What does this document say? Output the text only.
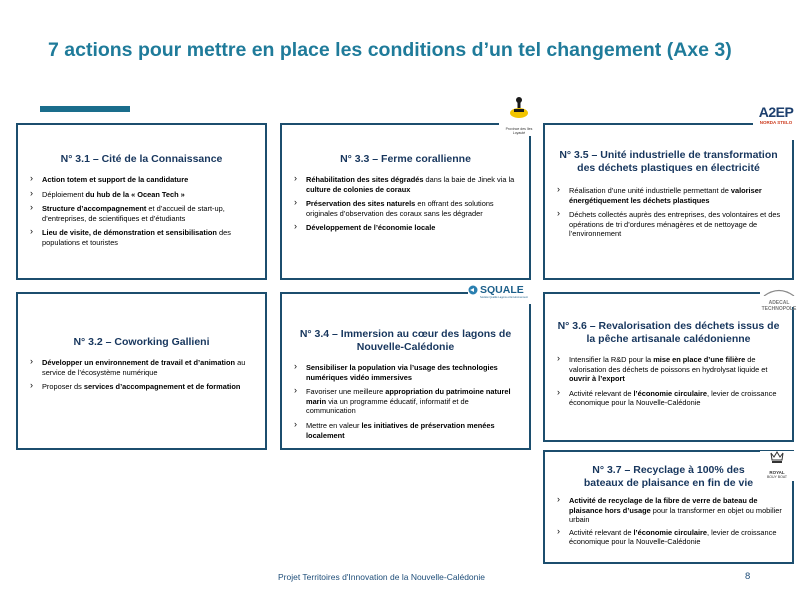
7 actions pour mettre en place les conditions d’un tel changement (Axe 3)
N° 3.1 – Cité de la Connaissance
› Action totem et support de la candidature
› Déploiement du hub de la « Ocean Tech »
› Structure d’accompagnement et d’accueil de start-up, d’entreprises, de scientifiques et d’étudiants
› Lieu de visite, de démonstration et sensibilisation des populations et touristes
N° 3.2 – Coworking Gallieni
› Développer un environnement de travail et d’animation au service de l’écosystème numérique
› Proposer ds services d’accompagnement et de formation
N° 3.3 – Ferme corallienne
› Réhabilitation des sites dégradés dans la baie de Jinek via la culture de colonies de coraux
› Préservation des sites naturels en offrant des solutions originales d’observation des coraux sans les dégrader
› Développement de l’économie locale
N° 3.4 – Immersion au cœur des lagons de Nouvelle-Calédonie
› Sensibiliser la population via l’usage des technologies numériques vidéo immersives
› Favoriser une meilleure appropriation du patrimoine naturel marin via un programme éducatif, informatif et de communication
› Mettre en valeur les initiatives de préservation menées localement
N° 3.5 – Unité industrielle de transformation des déchets plastiques en électricité
› Réalisation d’une unité industrielle permettant de valoriser énergétiquement les déchets plastiques
› Déchets collectés auprès des entreprises, des volontaires et des opérations de tri d’ordures ménagères et de nettoyage de l’environnement
N° 3.6 – Revalorisation des déchets issus de la pêche artisanale calédonienne
› Intensifier la R&D pour la mise en place d’une filière de valorisation des déchets de poissons en hydrolysat liquide et ouvrir à l’export
› Activité relevant de l’économie circulaire, levier de croissance économique pour la Nouvelle-Calédonie
N° 3.7 – Recyclage à 100% des bateaux de plaisance en fin de vie
› Activité de recyclage de la fibre de verre de bateau de plaisance hors d’usage pour la transformer en objet ou mobilier urbain
› Activité relevant de l’économie circulaire, levier de croissance économique pour la Nouvelle-Calédonie
Province des îles Loyauté
A2EP
NORDA STELO
SQUALE
Société Qualité Lagons et Environnement
ADECAL TECHNOPOLE
ROYAL
BOUY BOAT
Projet Territoires d'Innovation de la Nouvelle-Calédonie	8
